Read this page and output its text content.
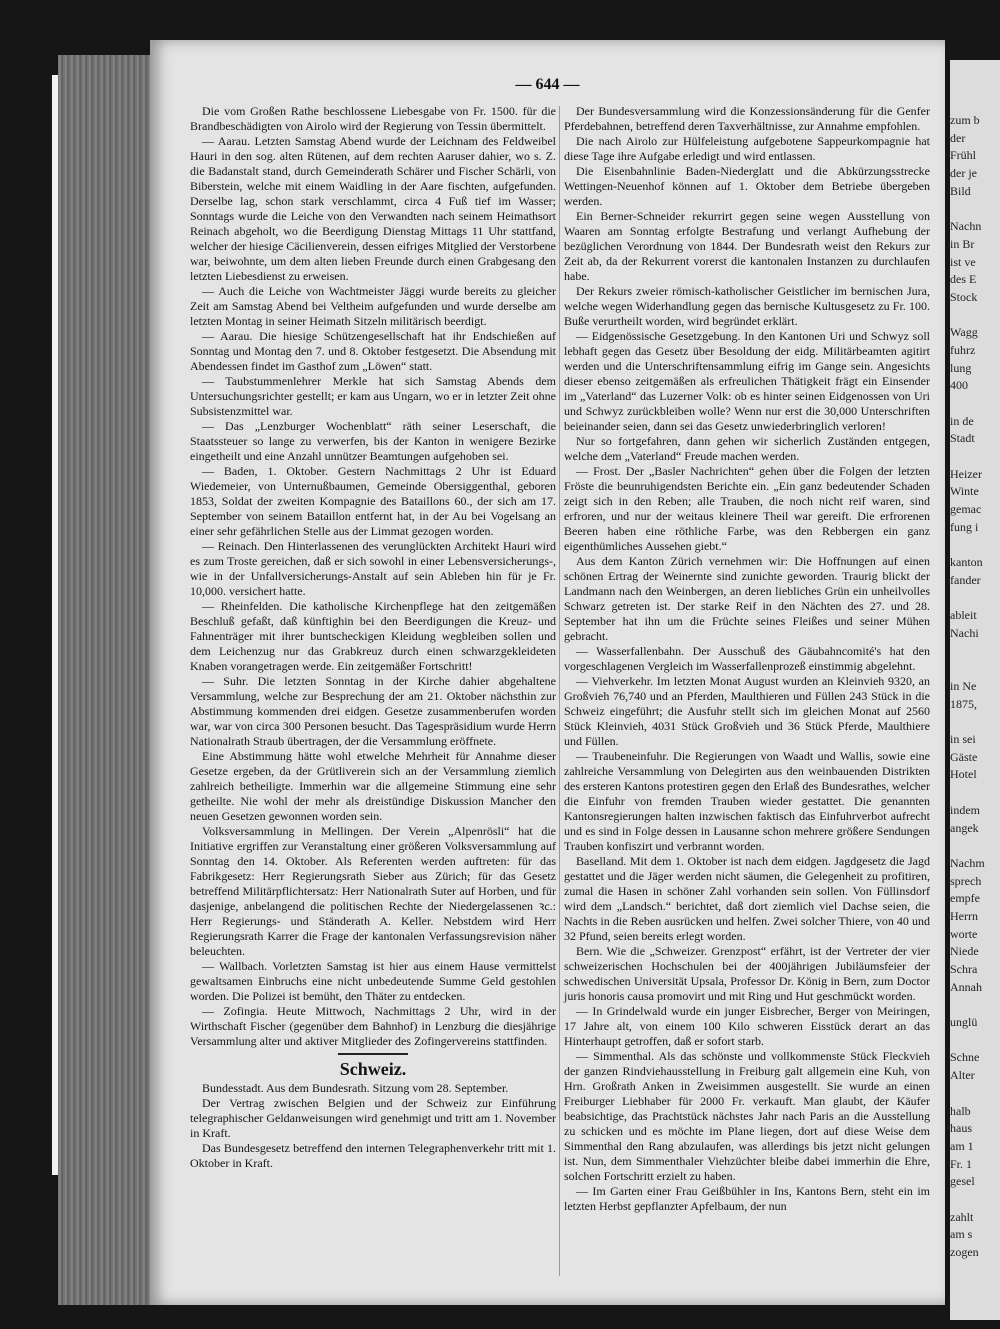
— 644 —

Die vom Großen Rathe beschlossene Liebesgabe von Fr. 1500. für die Brandbeschädigten von Airolo wird der Regierung von Tessin übermittelt.

— Aarau. Letzten Samstag Abend wurde der Leichnam des Feldweibel Hauri in den sog. alten Rütenen, auf dem rechten Aaruser dahier, wo s. Z. die Badanstalt stand, durch Gemeinderath Schärer und Fischer Schärli, von Biberstein, welche mit einem Waidling in der Aare fischten, aufgefunden. Derselbe lag, schon stark verschlammt, circa 4 Fuß tief im Wasser; Sonntags wurde die Leiche von den Verwandten nach seinem Heimathsort Reinach abgeholt, wo die Beerdigung Dienstag Mittags 11 Uhr stattfand, welcher der hiesige Cäcilienverein, dessen eifriges Mitglied der Verstorbene war, beiwohnte, um dem alten lieben Freunde durch einen Grabgesang den letzten Liebesdienst zu erweisen.

— Auch die Leiche von Wachtmeister Jäggi wurde bereits zu gleicher Zeit am Samstag Abend bei Veltheim aufgefunden und wurde derselbe am letzten Montag in seiner Heimath Sitzeln militärisch beerdigt.

— Aarau. Die hiesige Schützengesellschaft hat ihr Endschießen auf Sonntag und Montag den 7. und 8. Oktober festgesetzt. Die Absendung mit Abendessen findet im Gasthof zum „Löwen“ statt.

— Taubstummenlehrer Merkle hat sich Samstag Abends dem Untersuchungsrichter gestellt; er kam aus Ungarn, wo er in letzter Zeit ohne Subsistenzmittel war.

— Das „Lenzburger Wochenblatt“ räth seiner Leserschaft, die Staatssteuer so lange zu verwerfen, bis der Kanton in wenigere Bezirke eingetheilt und eine Anzahl unnützer Beamtungen aufgehoben sei.

— Baden, 1. Oktober. Gestern Nachmittags 2 Uhr ist Eduard Wiedemeier, von Unternußbaumen, Gemeinde Obersiggenthal, geboren 1853, Soldat der zweiten Kompagnie des Bataillons 60., der sich am 17. September von seinem Bataillon entfernt hat, in der Au bei Vogelsang an einer sehr gefährlichen Stelle aus der Limmat gezogen worden.

— Reinach. Den Hinterlassenen des verunglückten Architekt Hauri wird es zum Troste gereichen, daß er sich sowohl in einer Lebensversicherungs-, wie in der Unfallversicherungs-Anstalt auf sein Ableben hin für je Fr. 10,000. versichert hatte.

— Rheinfelden. Die katholische Kirchenpflege hat den zeitgemäßen Beschluß gefaßt, daß künftighin bei den Beerdigungen die Kreuz- und Fahnenträger mit ihrer buntscheckigen Kleidung wegbleiben sollen und dem Leichenzug nur das Grabkreuz durch einen schwarzgekleideten Knaben vorangetragen werde. Ein zeitgemäßer Fortschritt!

— Suhr. Die letzten Sonntag in der Kirche dahier abgehaltene Versammlung, welche zur Besprechung der am 21. Oktober nächsthin zur Abstimmung kommenden drei eidgen. Gesetze zusammenberufen worden war, war von circa 300 Personen besucht. Das Tagespräsidium wurde Herrn Nationalrath Straub übertragen, der die Versammlung eröffnete.

Eine Abstimmung hätte wohl etwelche Mehrheit für Annahme dieser Gesetze ergeben, da der Grütliverein sich an der Versammlung ziemlich zahlreich betheiligte. Immerhin war die allgemeine Stimmung eine sehr getheilte. Nie wohl der mehr als dreistündige Diskussion Mancher den neuen Gesetzen gewonnen worden sein.

Volksversammlung in Mellingen. Der Verein „Alpenrösli“ hat die Initiative ergriffen zur Veranstaltung einer größeren Volksversammlung auf Sonntag den 14. Oktober. Als Referenten werden auftreten: für das Fabrikgesetz: Herr Regierungsrath Sieber aus Zürich; für das Gesetz betreffend Militärpflichtersatz: Herr Nationalrath Suter auf Horben, und für dasjenige, anbelangend die politischen Rechte der Niedergelassenen ꝛc.: Herr Regierungs- und Ständerath A. Keller. Nebstdem wird Herr Regierungsrath Karrer die Frage der kantonalen Verfassungsrevision näher beleuchten.

— Wallbach. Vorletzten Samstag ist hier aus einem Hause vermittelst gewaltsamen Einbruchs eine nicht unbedeutende Summe Geld gestohlen worden. Die Polizei ist bemüht, den Thäter zu entdecken.

— Zofingia. Heute Mittwoch, Nachmittags 2 Uhr, wird in der Wirthschaft Fischer (gegenüber dem Bahnhof) in Lenzburg die diesjährige Versammlung alter und aktiver Mitglieder des Zofingervereins stattfinden.

Schweiz.

Bundesstadt. Aus dem Bundesrath. Sitzung vom 28. September.

Der Vertrag zwischen Belgien und der Schweiz zur Einführung telegraphischer Geldanweisungen wird genehmigt und tritt am 1. November in Kraft.

Das Bundesgesetz betreffend den internen Telegraphenverkehr tritt mit 1. Oktober in Kraft.

Der Bundesversammlung wird die Konzessionsänderung für die Genfer Pferdebahnen, betreffend deren Taxverhältnisse, zur Annahme empfohlen.

Die nach Airolo zur Hülfeleistung aufgebotene Sappeurkompagnie hat diese Tage ihre Aufgabe erledigt und wird entlassen.

Die Eisenbahnlinie Baden-Niederglatt und die Abkürzungsstrecke Wettingen-Neuenhof können auf 1. Oktober dem Betriebe übergeben werden.

Ein Berner-Schneider rekurrirt gegen seine wegen Ausstellung von Waaren am Sonntag erfolgte Bestrafung und verlangt Aufhebung der bezüglichen Verordnung von 1844. Der Bundesrath weist den Rekurs zur Zeit ab, da der Rekurrent vorerst die kantonalen Instanzen zu durchlaufen habe.

Der Rekurs zweier römisch-katholischer Geistlicher im bernischen Jura, welche wegen Widerhandlung gegen das bernische Kultusgesetz zu Fr. 100. Buße verurtheilt worden, wird begründet erklärt.

— Eidgenössische Gesetzgebung. In den Kantonen Uri und Schwyz soll lebhaft gegen das Gesetz über Besoldung der eidg. Militärbeamten agitirt werden und die Unterschriftensammlung eifrig im Gange sein. Angesichts dieser ebenso zeitgemäßen als erfreulichen Thätigkeit frägt ein Einsender im „Vaterland“ das Luzerner Volk: ob es hinter seinen Eidgenossen von Uri und Schwyz zurückbleiben wolle? Wenn nur erst die 30,000 Unterschriften beieinander seien, dann sei das Gesetz unwiederbringlich verloren!

Nur so fortgefahren, dann gehen wir sicherlich Zuständen entgegen, welche dem „Vaterland“ Freude machen werden.

— Frost. Der „Basler Nachrichten“ gehen über die Folgen der letzten Fröste die beunruhigendsten Berichte ein. „Ein ganz bedeutender Schaden zeigt sich in den Reben; alle Trauben, die noch nicht reif waren, sind erfroren, und nur der weitaus kleinere Theil war gereift. Die erfrorenen Beeren haben eine röthliche Farbe, was den Rebbergen ein ganz eigenthümliches Aussehen giebt.“

Aus dem Kanton Zürich vernehmen wir: Die Hoffnungen auf einen schönen Ertrag der Weinernte sind zunichte geworden. Traurig blickt der Landmann nach den Weinbergen, an deren liebliches Grün ein unheilvolles Schwarz getreten ist. Der starke Reif in den Nächten des 27. und 28. September hat ihn um die Früchte seines Fleißes und seiner Mühen gebracht.

— Wasserfallenbahn. Der Ausschuß des Gäubahncomité's hat den vorgeschlagenen Vergleich im Wasserfallenprozeß einstimmig abgelehnt.

— Viehverkehr. Im letzten Monat August wurden an Kleinvieh 9320, an Großvieh 76,740 und an Pferden, Maulthieren und Füllen 243 Stück in die Schweiz eingeführt; die Ausfuhr stellt sich im gleichen Monat auf 2560 Stück Kleinvieh, 4031 Stück Großvieh und 36 Stück Pferde, Maulthiere und Füllen.

— Traubeneinfuhr. Die Regierungen von Waadt und Wallis, sowie eine zahlreiche Versammlung von Delegirten aus den weinbauenden Distrikten des ersteren Kantons protestiren gegen den Erlaß des Bundesrathes, welcher die Einfuhr von fremden Trauben wieder gestattet. Die genannten Kantonsregierungen halten inzwischen faktisch das Einfuhrverbot aufrecht und es sind in Folge dessen in Lausanne schon mehrere größere Sendungen Trauben konfiszirt und verbrannt worden.

Baselland. Mit dem 1. Oktober ist nach dem eidgen. Jagdgesetz die Jagd gestattet und die Jäger werden nicht säumen, die Gelegenheit zu profitiren, zumal die Hasen in schöner Zahl vorhanden sein sollen. Von Füllinsdorf wird dem „Landsch.“ berichtet, daß dort ziemlich viel Dachse seien, die Nachts in die Reben ausrücken und helfen. Zwei solcher Thiere, von 40 und 32 Pfund, seien bereits erlegt worden.

Bern. Wie die „Schweizer. Grenzpost“ erfährt, ist der Vertreter der vier schweizerischen Hochschulen bei der 400jährigen Jubiläumsfeier der schwedischen Universität Upsala, Professor Dr. König in Bern, zum Doctor juris honoris causa promovirt und mit Ring und Hut geschmückt worden.

— In Grindelwald wurde ein junger Eisbrecher, Berger von Meiringen, 17 Jahre alt, von einem 100 Kilo schweren Eisstück derart an das Hinterhaupt getroffen, daß er sofort starb.

— Simmenthal. Als das schönste und vollkommenste Stück Fleckvieh der ganzen Rindviehausstellung in Freiburg galt allgemein eine Kuh, von Hrn. Großrath Anken in Zweisimmen ausgestellt. Sie wurde an einen Freiburger Liebhaber für 2000 Fr. verkauft. Man glaubt, der Käufer beabsichtige, das Prachtstück nächstes Jahr nach Paris an die Ausstellung zu schicken und es möchte im Plane liegen, dort auf diese Weise dem Simmenthal den Rang abzulaufen, was allerdings bis jetzt nicht gelungen ist. Nun, dem Simmenthaler Viehzüchter bleibe dabei immerhin die Ehre, solchen Fortschritt erzielt zu haben.

— Im Garten einer Frau Geißbühler in Ins, Kantons Bern, steht ein im letzten Herbst gepflanzter Apfelbaum, der nun

zum b
der
Frühl
der je
Bild
Nachn
in Br
ist ve
des E
Stock
Wagg
fuhrz
lung
400
in de
Stadt
Heizer
Winte
gemac
fung i
kanton
fander
ableit
Nachi
in Ne
1875,
in sei
Gäste
Hotel
indem
angek
Nachm
sprech
empfe
Herrn
worte
Niede
Schra
Annah
unglü
Schne
Alter
halb
haus
am 1
Fr. 1
gesel
zahlt
am s
zogen
